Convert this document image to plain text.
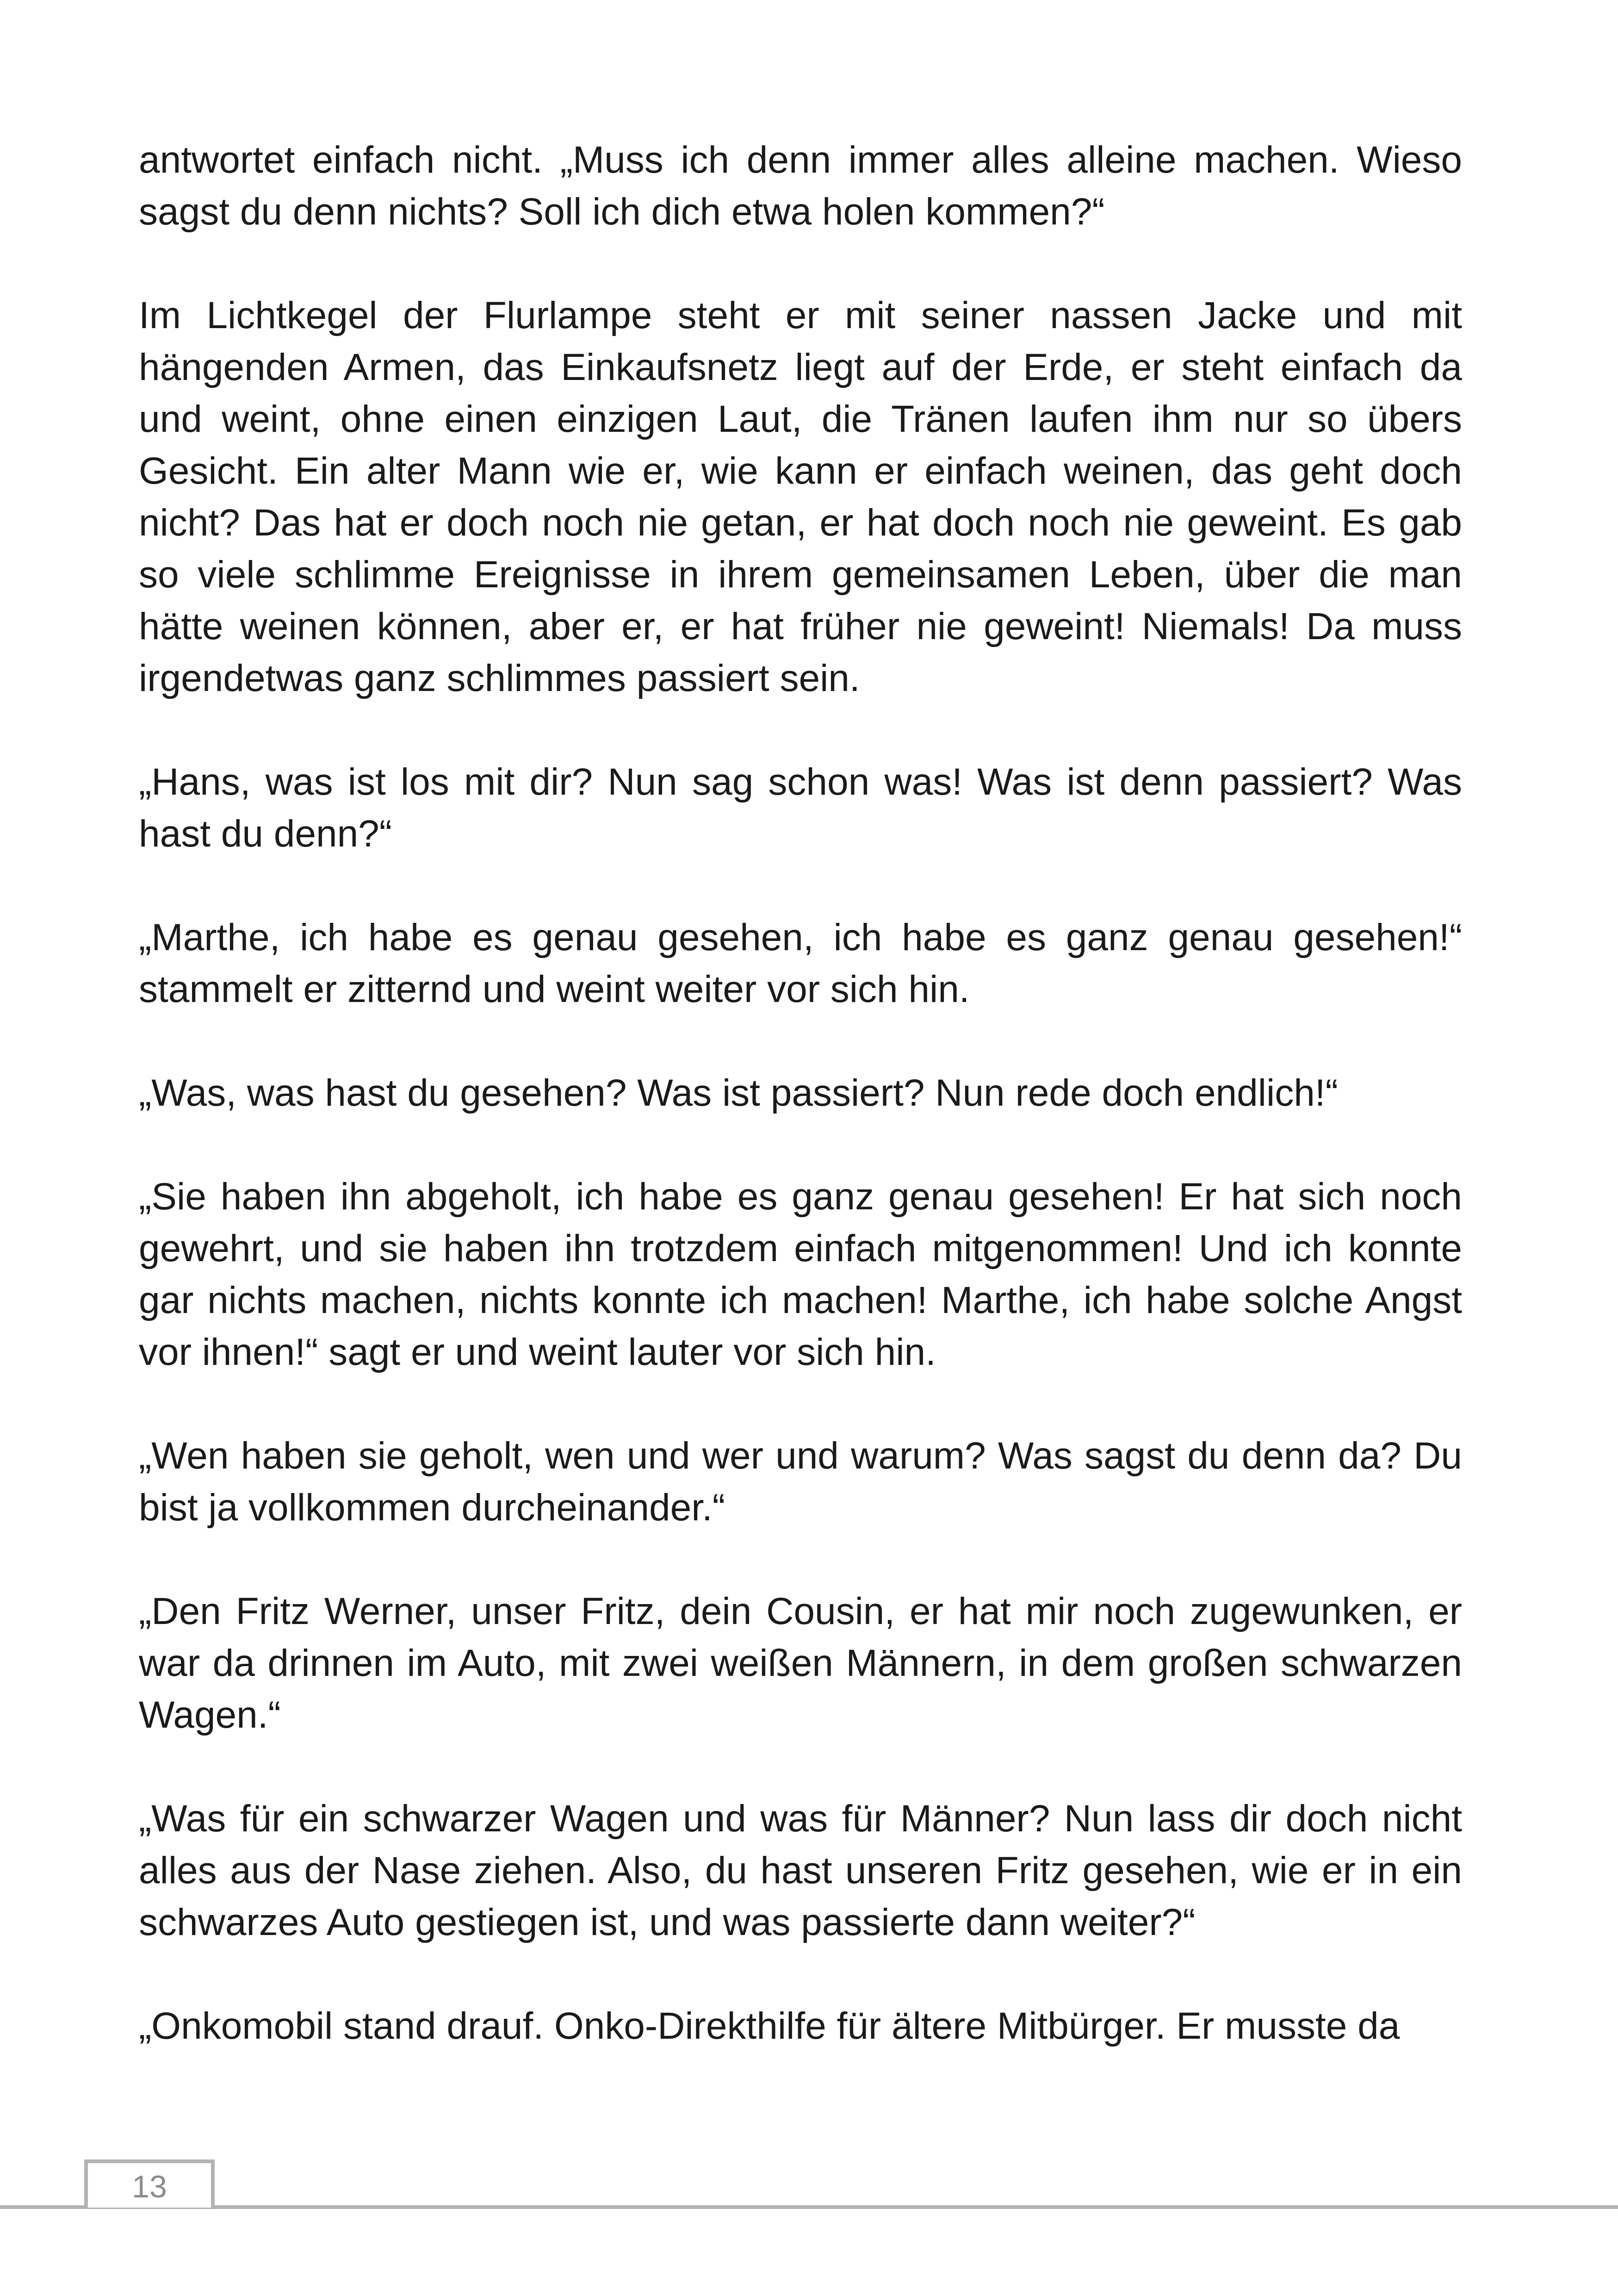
antwortet einfach nicht. „Muss ich denn immer alles alleine machen. Wieso sagst du denn nichts? Soll ich dich etwa holen kommen?“

Im Lichtkegel der Flurlampe steht er mit seiner nassen Jacke und mit hängenden Armen, das Einkaufsnetz liegt auf der Erde, er steht einfach da und weint, ohne einen einzigen Laut, die Tränen laufen ihm nur so übers Gesicht. Ein alter Mann wie er, wie kann er einfach weinen, das geht doch nicht? Das hat er doch noch nie getan, er hat doch noch nie geweint. Es gab so viele schlimme Ereignisse in ihrem gemeinsamen Leben, über die man hätte weinen können, aber er, er hat früher nie geweint! Niemals! Da muss irgendetwas ganz schlimmes passiert sein.

„Hans, was ist los mit dir? Nun sag schon was! Was ist denn passiert? Was hast du denn?“

„Marthe, ich habe es genau gesehen, ich habe es ganz genau gesehen!“ stammelt er zitternd und weint weiter vor sich hin.

„Was, was hast du gesehen? Was ist passiert? Nun rede doch endlich!“

„Sie haben ihn abgeholt, ich habe es ganz genau gesehen! Er hat sich noch gewehrt, und sie haben ihn trotzdem einfach mitgenommen! Und ich konnte gar nichts machen, nichts konnte ich machen! Marthe, ich habe solche Angst vor ihnen!“ sagt er und weint lauter vor sich hin.

„Wen haben sie geholt, wen und wer und warum? Was sagst du denn da? Du bist ja vollkommen durcheinander.“

„Den Fritz Werner, unser Fritz, dein Cousin, er hat mir noch zugewunken, er war da drinnen im Auto, mit zwei weißen Männern, in dem großen schwarzen Wagen.“

„Was für ein schwarzer Wagen und was für Männer? Nun lass dir doch nicht alles aus der Nase ziehen. Also, du hast unseren Fritz gesehen, wie er in ein schwarzes Auto gestiegen ist, und was passierte dann weiter?“

„Onkomobil stand drauf. Onko-Direkthilfe für ältere Mitbürger. Er musste da

13
